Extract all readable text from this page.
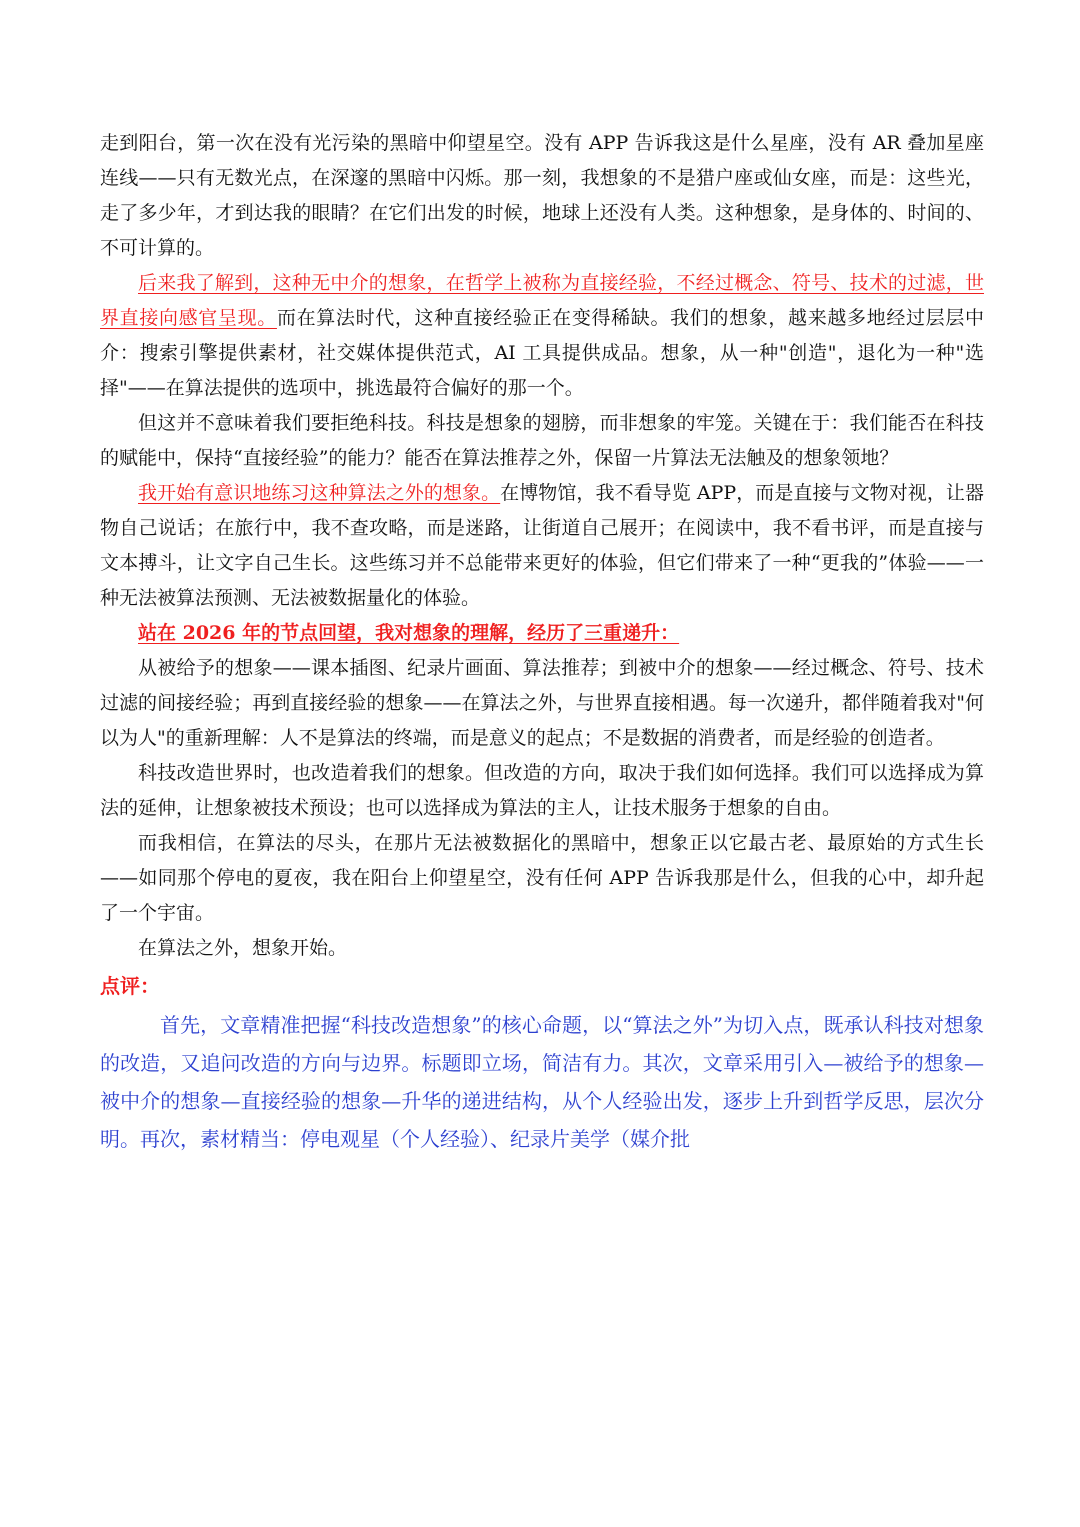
走到阳台，第一次在没有光污染的黑暗中仰望星空。没有 APP 告诉我这是什么星座，没有 AR 叠加星座连线——只有无数光点，在深邃的黑暗中闪烁。那一刻，我想象的不是猎户座或仙女座，而是：这些光，走了多少年，才到达我的眼睛？在它们出发的时候，地球上还没有人类。这种想象，是身体的、时间的、不可计算的。

后来我了解到，这种无中介的想象，在哲学上被称为直接经验，不经过概念、符号、技术的过滤，世界直接向感官呈现。而在算法时代，这种直接经验正在变得稀缺。我们的想象，越来越多地经过层层中介：搜索引擎提供素材，社交媒体提供范式，AI 工具提供成品。想象，从一种"创造"，退化为一种"选择"——在算法提供的选项中，挑选最符合偏好的那一个。

但这并不意味着我们要拒绝科技。科技是想象的翅膀，而非想象的牢笼。关键在于：我们能否在科技的赋能中，保持“直接经验”的能力？能否在算法推荐之外，保留一片算法无法触及的想象领地？

我开始有意识地练习这种算法之外的想象。在博物馆，我不看导览 APP，而是直接与文物对视，让器物自己说话；在旅行中，我不查攻略，而是迷路，让街道自己展开；在阅读中，我不看书评，而是直接与文本搏斗，让文字自己生长。这些练习并不总能带来更好的体验，但它们带来了一种“更我的”体验——一种无法被算法预测、无法被数据量化的体验。

站在 2026 年的节点回望，我对想象的理解，经历了三重递升：

从被给予的想象——课本插图、纪录片画面、算法推荐；到被中介的想象——经过概念、符号、技术过滤的间接经验；再到直接经验的想象——在算法之外，与世界直接相遇。每一次递升，都伴随着我对"何以为人"的重新理解：人不是算法的终端，而是意义的起点；不是数据的消费者，而是经验的创造者。

科技改造世界时，也改造着我们的想象。但改造的方向，取决于我们如何选择。我们可以选择成为算法的延伸，让想象被技术预设；也可以选择成为算法的主人，让技术服务于想象的自由。

而我相信，在算法的尽头，在那片无法被数据化的黑暗中，想象正以它最古老、最原始的方式生长——如同那个停电的夏夜，我在阳台上仰望星空，没有任何 APP 告诉我那是什么，但我的心中，却升起了一个宇宙。

在算法之外，想象开始。

点评：

首先，文章精准把握“科技改造想象”的核心命题，以“算法之外”为切入点，既承认科技对想象的改造，又追问改造的方向与边界。标题即立场，简洁有力。其次，文章采用引入—被给予的想象—被中介的想象—直接经验的想象—升华的递进结构，从个人经验出发，逐步上升到哲学反思，层次分明。再次，素材精当：停电观星（个人经验）、纪录片美学（媒介批
